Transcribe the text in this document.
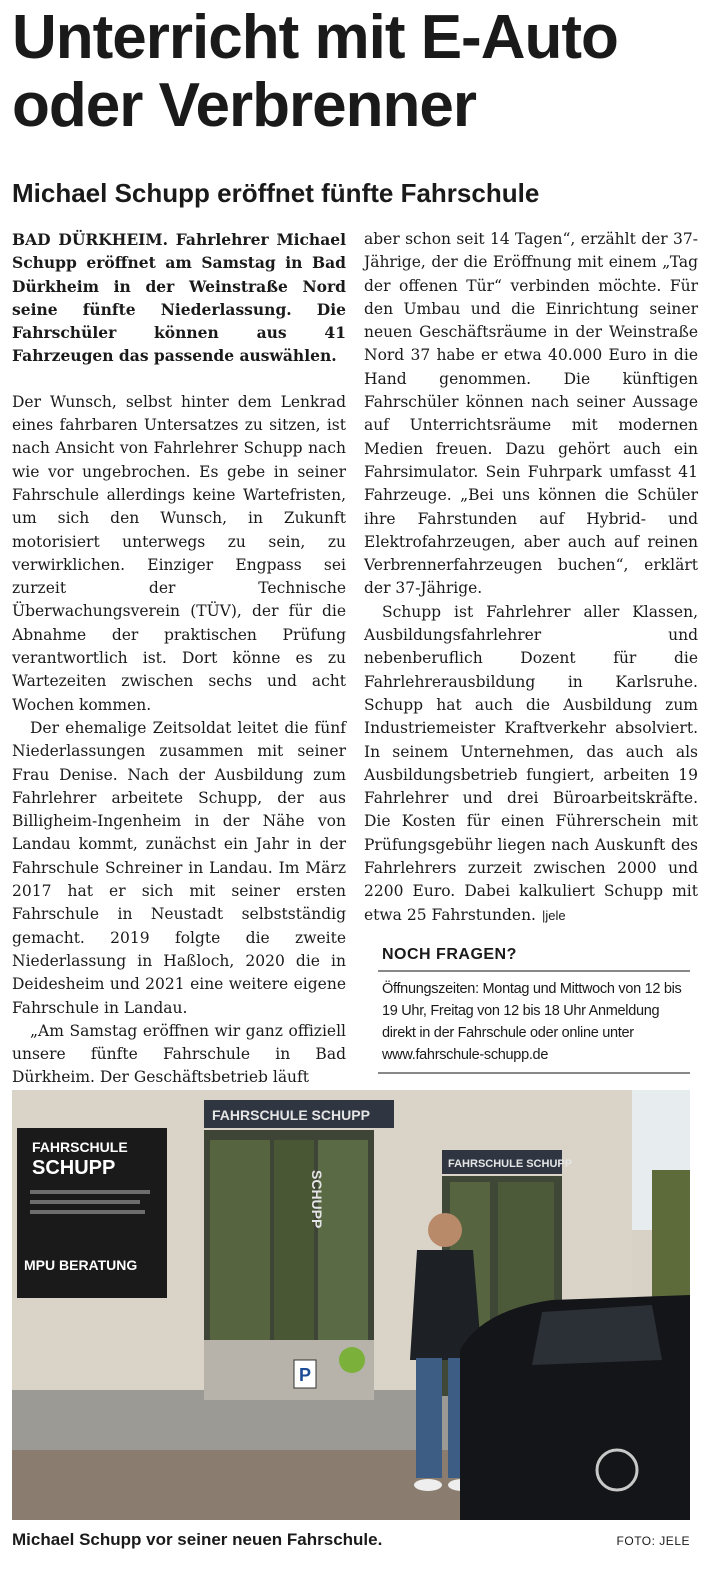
Unterricht mit E-Auto oder Verbrenner
Michael Schupp eröffnet fünfte Fahrschule

BAD DÜRKHEIM. Fahrlehrer Michael Schupp eröffnet am Samstag in Bad Dürkheim in der Weinstraße Nord seine fünfte Niederlassung. Die Fahrschüler können aus 41 Fahrzeugen das passende auswählen.

Der Wunsch, selbst hinter dem Lenkrad eines fahrbaren Untersatzes zu sitzen, ist nach Ansicht von Fahrlehrer Schupp nach wie vor ungebrochen. Es gebe in seiner Fahrschule allerdings keine Wartefristen, um sich den Wunsch, in Zukunft motorisiert unterwegs zu sein, zu verwirklichen. Einziger Engpass sei zurzeit der Technische Überwachungsverein (TÜV), der für die Abnahme der praktischen Prüfung verantwortlich ist. Dort könne es zu Wartezeiten zwischen sechs und acht Wochen kommen.

Der ehemalige Zeitsoldat leitet die fünf Niederlassungen zusammen mit seiner Frau Denise. Nach der Ausbildung zum Fahrlehrer arbeitete Schupp, der aus Billigheim-Ingenheim in der Nähe von Landau kommt, zunächst ein Jahr in der Fahrschule Schreiner in Landau. Im März 2017 hat er sich mit seiner ersten Fahrschule in Neustadt selbstständig gemacht. 2019 folgte die zweite Niederlassung in Haßloch, 2020 die in Deidesheim und 2021 eine weitere eigene Fahrschule in Landau.

„Am Samstag eröffnen wir ganz offiziell unsere fünfte Fahrschule in Bad Dürkheim. Der Geschäftsbetrieb läuft

aber schon seit 14 Tagen“, erzählt der 37-Jährige, der die Eröffnung mit einem „Tag der offenen Tür“ verbinden möchte. Für den Umbau und die Einrichtung seiner neuen Geschäftsräume in der Weinstraße Nord 37 habe er etwa 40.000 Euro in die Hand genommen. Die künftigen Fahrschüler können nach seiner Aussage auf Unterrichtsräume mit modernen Medien freuen. Dazu gehört auch ein Fahrsimulator. Sein Fuhrpark umfasst 41 Fahrzeuge. „Bei uns können die Schüler ihre Fahrstunden auf Hybrid- und Elektrofahrzeugen, aber auch auf reinen Verbrennerfahrzeugen buchen“, erklärt der 37-Jährige.

Schupp ist Fahrlehrer aller Klassen, Ausbildungsfahrlehrer und nebenberuflich Dozent für die Fahrlehrerausbildung in Karlsruhe. Schupp hat auch die Ausbildung zum Industriemeister Kraftverkehr absolviert. In seinem Unternehmen, das auch als Ausbildungsbetrieb fungiert, arbeiten 19 Fahrlehrer und drei Büroarbeitskräfte. Die Kosten für einen Führerschein mit Prüfungsgebühr liegen nach Auskunft des Fahrlehrers zurzeit zwischen 2000 und 2200 Euro. Dabei kalkuliert Schupp mit etwa 25 Fahrstunden. |jele

NOCH FRAGEN?

Öffnungszeiten: Montag und Mittwoch von 12 bis 19 Uhr, Freitag von 12 bis 18 Uhr Anmeldung direkt in der Fahrschule oder online unter www.fahrschule-schupp.de

FAHRSCHULE
SCHUPP
MPU BERATUNG
FAHRSCHULE SCHUPP
SCHUPP
P
FAHRSCHULE SCHUPP
Michael Schupp vor seiner neuen Fahrschule.	FOTO: JELE
